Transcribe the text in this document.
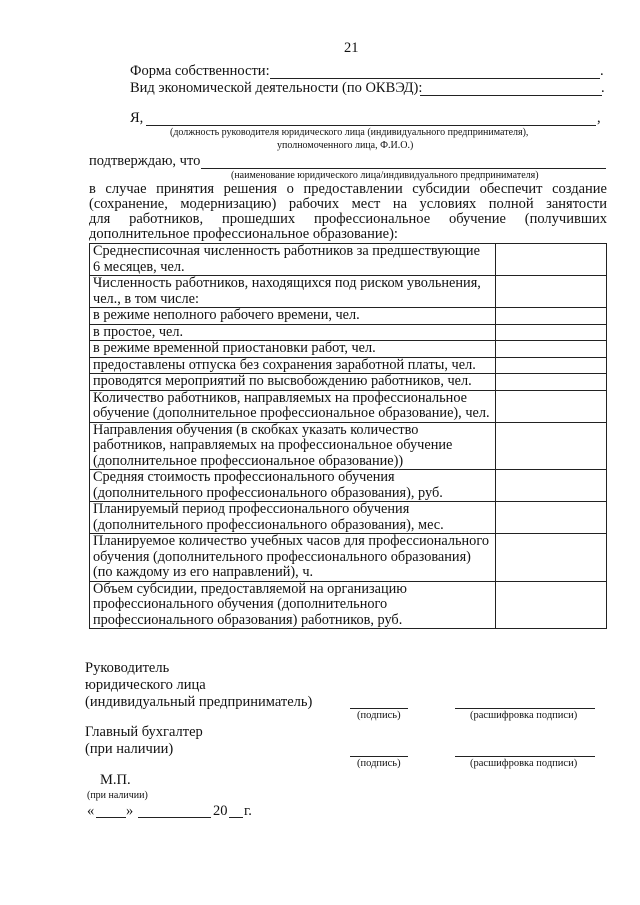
21
Форма собственности:	.
Вид экономической деятельности (по ОКВЭД):	.
Я,	,
(должность руководителя юридического лица (индивидуального предпринимателя),
уполномоченного лица, Ф.И.О.)
подтверждаю, что
(наименование юридического лица/индивидуального предпринимателя)
в случае принятия решения о предоставлении субсидии обеспечит создание
(сохранение, модернизацию) рабочих мест на условиях полной занятости
для работников, прошедших профессиональное обучение (получивших
дополнительное профессиональное образование):
Среднесписочная численность работников за предшествующие
6 месяцев, чел.	

Численность работников, находящихся под риском увольнения,
чел., в том числе:	

в режиме неполного рабочего времени, чел.	

в простое, чел.	

в режиме временной приостановки работ, чел.	

предоставлены отпуска без сохранения заработной платы, чел.	

проводятся мероприятий по высвобождению работников, чел.	

Количество работников, направляемых на профессиональное
обучение (дополнительное профессиональное образование), чел.	

Направления обучения (в скобках указать количество
работников, направляемых на профессиональное обучение
(дополнительное профессиональное образование))	

Средняя стоимость профессионального обучения
(дополнительного профессионального образования), руб.	

Планируемый период профессионального обучения
(дополнительного профессионального образования), мес.	

Планируемое количество учебных часов для профессионального
обучения (дополнительного профессионального образования)
(по каждому из его направлений), ч.	

Объем субсидии, предоставляемой на организацию
профессионального обучения (дополнительного
профессионального образования) работников, руб.	

Руководитель
юридического лица
(индивидуальный предприниматель)
(подпись)	(расшифровка подписи)
Главный бухгалтер
(при наличии)
(подпись)	(расшифровка подписи)
М.П.
(при наличии)
« »	20 г.
